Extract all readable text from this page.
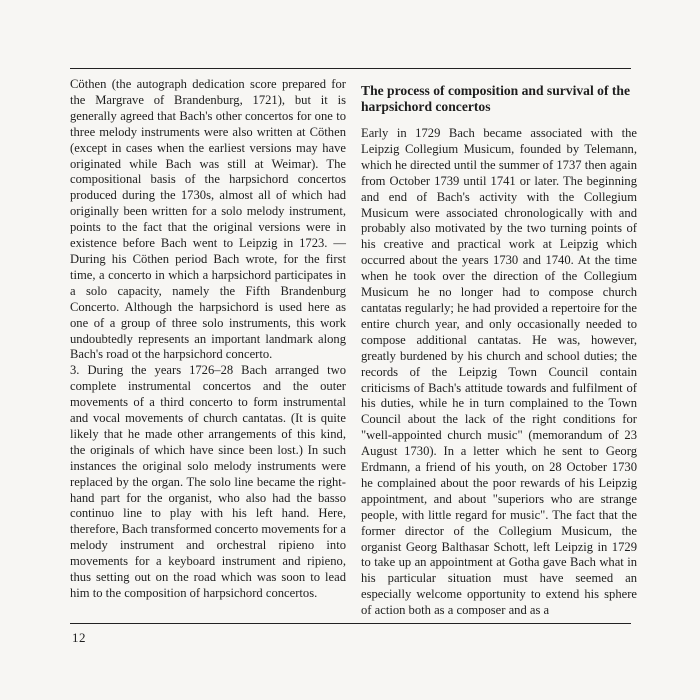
Cöthen (the autograph dedication score prepared for the Margrave of Brandenburg, 1721), but it is generally agreed that Bach's other concertos for one to three melody instruments were also written at Cöthen (except in cases when the earliest versions may have originated while Bach was still at Weimar). The compositional basis of the harpsichord concertos produced during the 1730s, almost all of which had originally been written for a solo melody instrument, points to the fact that the original versions were in existence before Bach went to Leipzig in 1723. — During his Cöthen period Bach wrote, for the first time, a concerto in which a harpsichord participates in a solo capacity, namely the Fifth Brandenburg Concerto. Although the harpsichord is used here as one of a group of three solo instruments, this work undoubtedly represents an important landmark along Bach's road ot the harpsichord concerto.

3. During the years 1726–28 Bach arranged two complete instrumental concertos and the outer movements of a third concerto to form instrumental and vocal movements of church cantatas. (It is quite likely that he made other arrangements of this kind, the originals of which have since been lost.) In such instances the original solo melody instruments were replaced by the organ. The solo line became the right-hand part for the organist, who also had the basso continuo line to play with his left hand. Here, therefore, Bach transformed concerto movements for a melody instrument and orchestral ripieno into movements for a keyboard instrument and ripieno, thus setting out on the road which was soon to lead him to the composition of harpsichord concertos.

The process of composition and survival of the harpsichord concertos

Early in 1729 Bach became associated with the Leipzig Collegium Musicum, founded by Telemann, which he directed until the summer of 1737 then again from October 1739 until 1741 or later. The beginning and end of Bach's activity with the Collegium Musicum were associated chronologically with and probably also motivated by the two turning points of his creative and practical work at Leipzig which occurred about the years 1730 and 1740. At the time when he took over the direction of the Collegium Musicum he no longer had to compose church cantatas regularly; he had provided a repertoire for the entire church year, and only occasionally needed to compose additional cantatas. He was, however, greatly burdened by his church and school duties; the records of the Leipzig Town Council contain criticisms of Bach's attitude towards and fulfilment of his duties, while he in turn complained to the Town Council about the lack of the right conditions for "well-appointed church music" (memorandum of 23 August 1730). In a letter which he sent to Georg Erdmann, a friend of his youth, on 28 October 1730 he complained about the poor rewards of his Leipzig appointment, and about "superiors who are strange people, with little regard for music". The fact that the former director of the Collegium Musicum, the organist Georg Balthasar Schott, left Leipzig in 1729 to take up an appointment at Gotha gave Bach what in his particular situation must have seemed an especially welcome opportunity to extend his sphere of action both as a composer and as a

12
